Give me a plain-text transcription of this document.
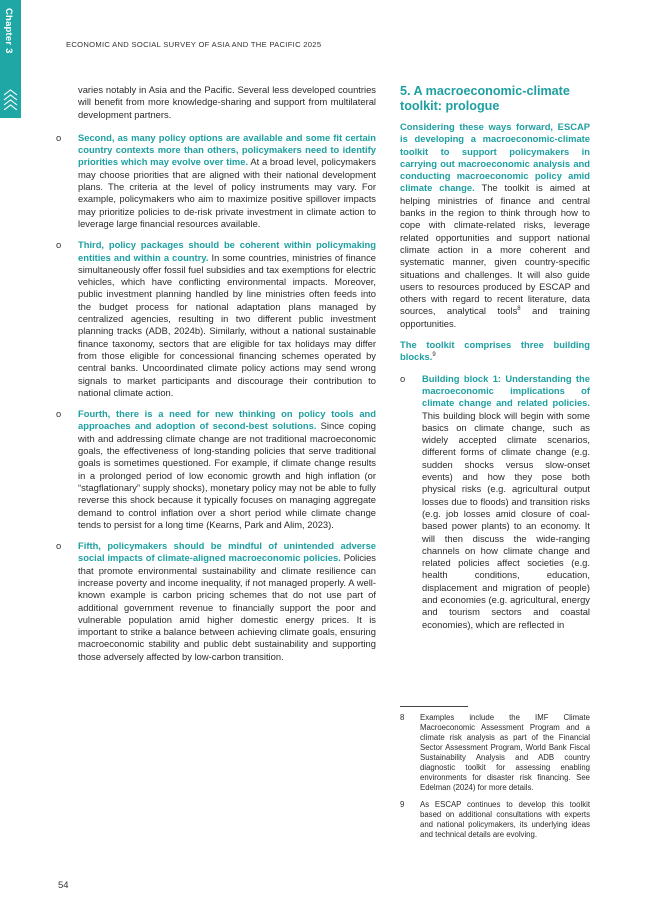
Chapter 3	ECONOMIC AND SOCIAL SURVEY OF ASIA AND THE PACIFIC 2025

varies notably in Asia and the Pacific. Several less developed countries will benefit from more knowledge-sharing and support from multilateral development partners.

o Second, as many policy options are available and some fit certain country contexts more than others, policymakers need to identify priorities which may evolve over time. At a broad level, policymakers may choose priorities that are aligned with their national development plans. The criteria at the level of policy instruments may vary. For example, policymakers who aim to maximize positive spillover impacts may prioritize policies to de-risk private investment in climate action to leverage large financial resources available.

o Third, policy packages should be coherent within policymaking entities and within a country. In some countries, ministries of finance simultaneously offer fossil fuel subsidies and tax exemptions for electric vehicles, which have conflicting environmental impacts. Moreover, public investment planning handled by line ministries often feeds into the budget process for national adaptation plans managed by centralized agencies, resulting in two different public investment planning tracks (ADB, 2024b). Similarly, without a national sustainable finance taxonomy, sectors that are eligible for tax holidays may differ from those eligible for concessional financing schemes operated by central banks. Uncoordinated climate policy actions may send wrong signals to market participants and discourage their contribution to national climate action.

o Fourth, there is a need for new thinking on policy tools and approaches and adoption of second-best solutions. Since coping with and addressing climate change are not traditional macroeconomic goals, the effectiveness of long-standing policies that serve traditional goals is sometimes questioned. For example, if climate change results in a prolonged period of low economic growth and high inflation (or “stagflationary” supply shocks), monetary policy may not be able to fully reverse this shock because it typically focuses on managing aggregate demand to control inflation over a short period while climate change tends to persist for a long time (Kearns, Park and Alim, 2023).

o Fifth, policymakers should be mindful of unintended adverse social impacts of climate-aligned macroeconomic policies. Policies that promote environmental sustainability and climate resilience can increase poverty and income inequality, if not managed properly. A well-known example is carbon pricing schemes that do not use part of additional government revenue to financially support the poor and vulnerable population amid higher domestic energy prices. It is important to strike a balance between achieving climate goals, ensuring macroeconomic stability and public debt sustainability and supporting those adversely affected by low-carbon transition.

5. A macroeconomic-climate toolkit: prologue

Considering these ways forward, ESCAP is developing a macroeconomic-climate toolkit to support policymakers in carrying out macroeconomic analysis and conducting macroeconomic policy amid climate change. The toolkit is aimed at helping ministries of finance and central banks in the region to think through how to cope with climate-related risks, leverage related opportunities and support national climate action in a more coherent and systematic manner, given country-specific situations and challenges. It will also guide users to resources produced by ESCAP and others with regard to recent literature, data sources, analytical tools$^8$ and training opportunities.

The toolkit comprises three building blocks.$^9$

o Building block 1: Understanding the macroeconomic implications of climate change and related policies. This building block will begin with some basics on climate change, such as widely accepted climate scenarios, different forms of climate change (e.g. sudden shocks versus slow-onset events) and how they pose both physical risks (e.g. agricultural output losses due to floods) and transition risks (e.g. job losses amid closure of coal-based power plants) to an economy. It will then discuss the wide-ranging channels on how climate change and related policies affect societies (e.g. health conditions, education, displacement and migration of people) and economies (e.g. agricultural, energy and tourism sectors and coastal economies), which are reflected in

8 Examples include the IMF Climate Macroeconomic Assessment Program and a climate risk analysis as part of the Financial Sector Assessment Program, World Bank Fiscal Sustainability Analysis and ADB country diagnostic toolkit for assessing enabling environments for disaster risk financing. See Edelman (2024) for more details.

9 As ESCAP continues to develop this toolkit based on additional consultations with experts and national policymakers, its underlying ideas and technical details are evolving.

54
